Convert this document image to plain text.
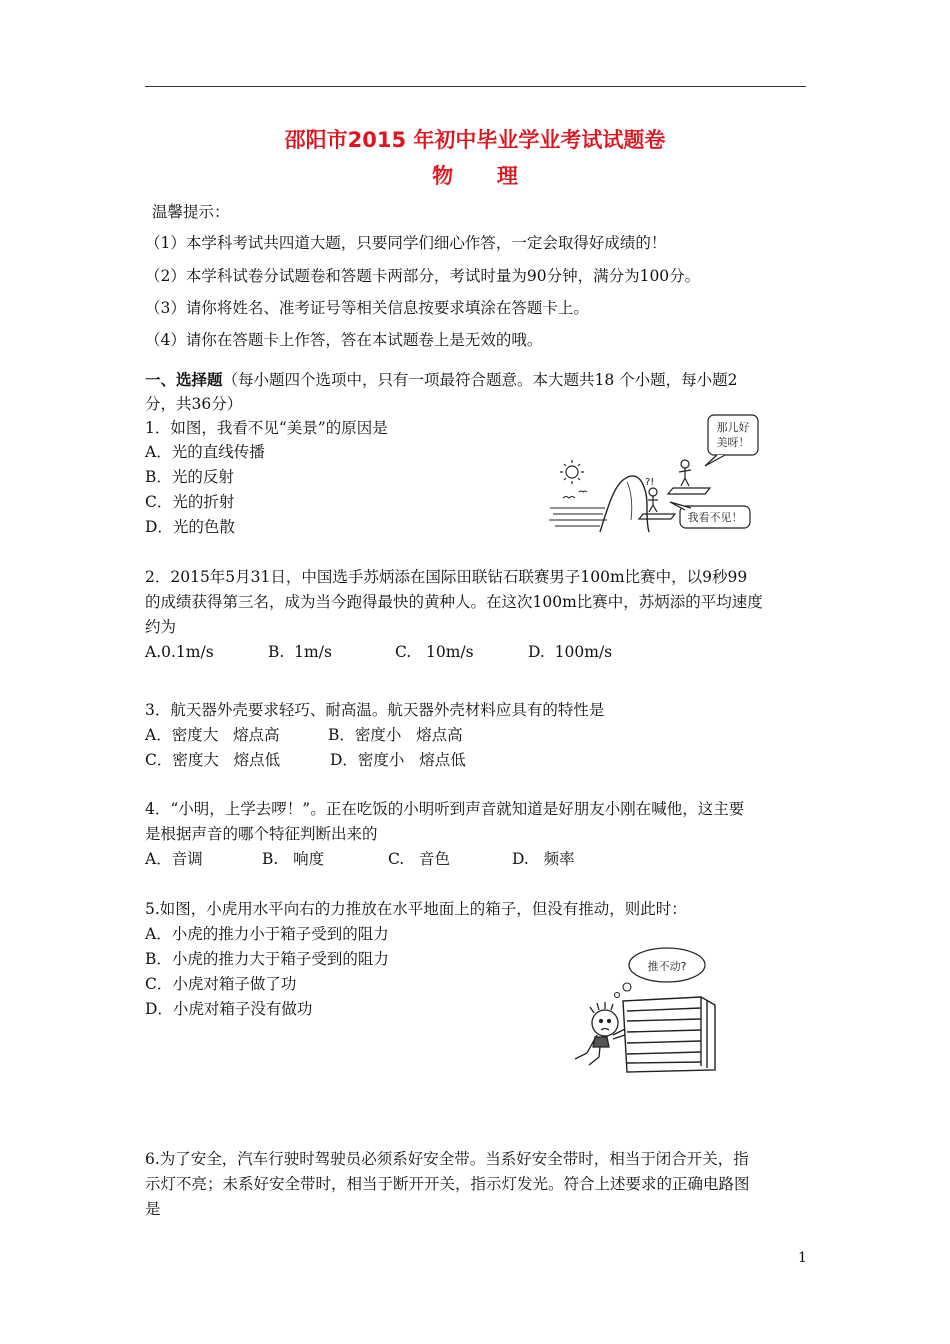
邵阳市2015 年初中毕业学业考试试题卷
物      理
温馨提示：
（1）本学科考试共四道大题，只要同学们细心作答，一定会取得好成绩的！
（2）本学科试卷分试题卷和答题卡两部分，考试时量为90分钟，满分为100分。
（3）请你将姓名、准考证号等相关信息按要求填涂在答题卡上。
（4）请你在答题卡上作答，答在本试题卷上是无效的哦。
一、选择题（每小题四个选项中，只有一项最符合题意。本大题共18 个小题，每小题2
分，共36分）
1．如图，我看不见“美景”的原因是
A．光的直线传播
B．光的反射
C．光的折射
D．光的色散
?!
那儿好
美呀！
我看不见！
2．2015年5月31日，中国选手苏炳添在国际田联钻石联赛男子100m比赛中，以9秒99
的成绩获得第三名，成为当今跑得最快的黄种人。在这次100m比赛中，苏炳添的平均速度
约为
A.0.1m/s	B.  1m/s	C.   10m/s	D.  100m/s
3．航天器外壳要求轻巧、耐高温。航天器外壳材料应具有的特性是
A．密度大   熔点高	B．密度小   熔点高
C．密度大   熔点低	D．密度小   熔点低
4．“小明，上学去啰！”。正在吃饭的小明听到声音就知道是好朋友小刚在喊他，这主要
是根据声音的哪个特征判断出来的
A．音调	B.   响度	C.   音色	D.   频率
5.如图，小虎用水平向右的力推放在水平地面上的箱子，但没有推动，则此时：
A．小虎的推力小于箱子受到的阻力
B．小虎的推力大于箱子受到的阻力
C．小虎对箱子做了功
D．小虎对箱子没有做功
推不动?
6.为了安全，汽车行驶时驾驶员必须系好安全带。当系好安全带时，相当于闭合开关，指
示灯不亮；未系好安全带时，相当于断开开关，指示灯发光。符合上述要求的正确电路图
是
1
